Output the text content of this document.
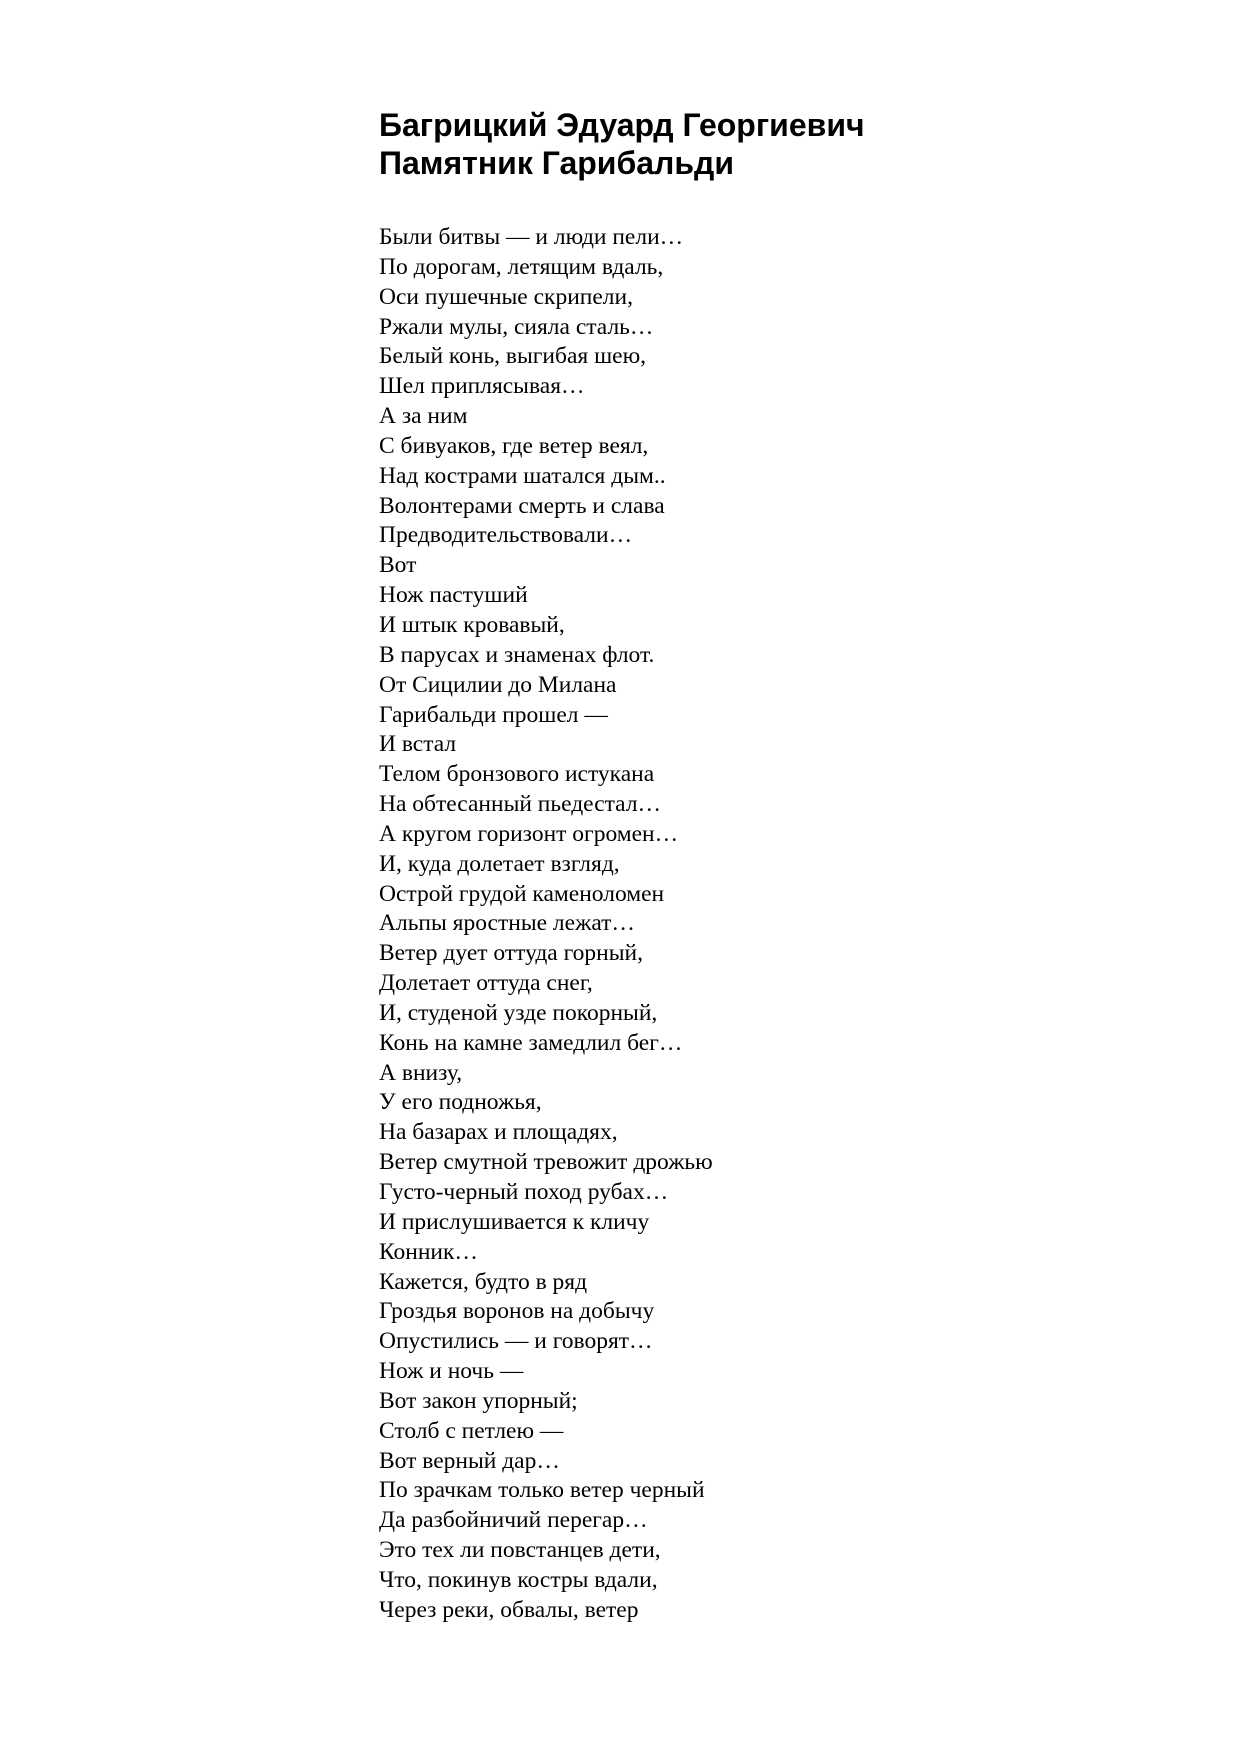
Багрицкий Эдуард Георгиевич
Памятник Гарибальди
Были битвы — и люди пели…
По дорогам, летящим вдаль,
Оси пушечные скрипели,
Ржали мулы, сияла сталь…
Белый конь, выгибая шею,
Шел приплясывая…
А за ним
С бивуаков, где ветер веял,
Над кострами шатался дым..
Волонтерами смерть и слава
Предводительствовали…
Вот
Нож пастуший
И штык кровавый,
В парусах и знаменах флот.
От Сицилии до Милана
Гарибальди прошел —
И встал
Телом бронзового истукана
На обтесанный пьедестал…
А кругом горизонт огромен…
И, куда долетает взгляд,
Острой грудой каменоломен
Альпы яростные лежат…
Ветер дует оттуда горный,
Долетает оттуда снег,
И, студеной узде покорный,
Конь на камне замедлил бег…
А внизу,
У его подножья,
На базарах и площадях,
Ветер смутной тревожит дрожью
Густо-черный поход рубах…
И прислушивается к кличу
Конник…
Кажется, будто в ряд
Гроздья воронов на добычу
Опустились — и говорят…
Нож и ночь —
Вот закон упорный;
Столб с петлею —
Вот верный дар…
По зрачкам только ветер черный
Да разбойничий перегар…
Это тех ли повстанцев дети,
Что, покинув костры вдали,
Через реки, обвалы, ветер
